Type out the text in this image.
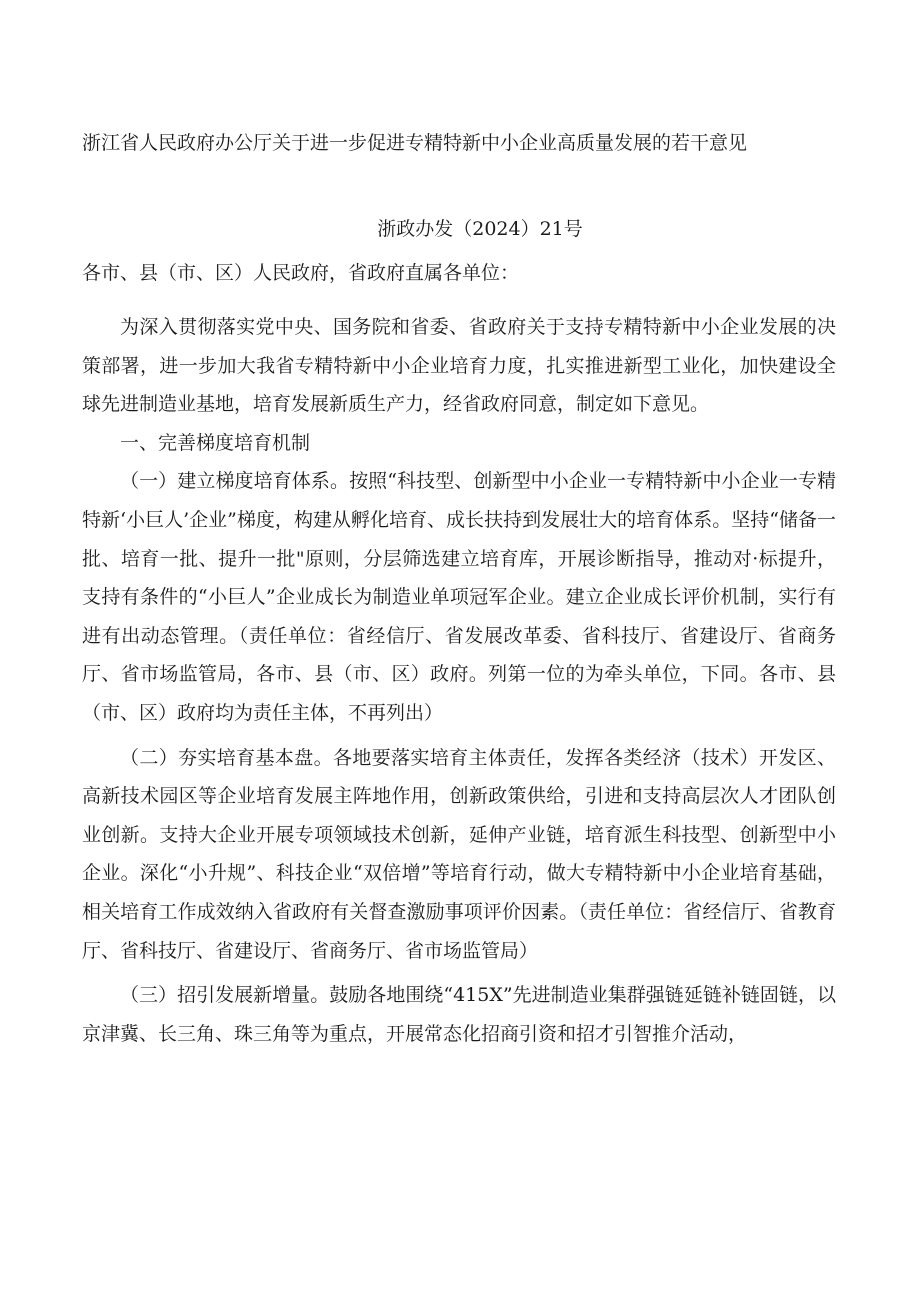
浙江省人民政府办公厅关于进一步促进专精特新中小企业高质量发展的若干意见

浙政办发（2024）21号

各市、县（市、区）人民政府，省政府直属各单位：

为深入贯彻落实党中央、国务院和省委、省政府关于支持专精特新中小企业发展的决策部署，进一步加大我省专精特新中小企业培育力度，扎实推进新型工业化，加快建设全球先进制造业基地，培育发展新质生产力，经省政府同意，制定如下意见。

一、完善梯度培育机制

（一）建立梯度培育体系。按照“科技型、创新型中小企业一专精特新中小企业一专精特新‘小巨人’企业”梯度，构建从孵化培育、成长扶持到发展壮大的培育体系。坚持“储备一批、培育一批、提升一批"原则，分层筛选建立培育库，开展诊断指导，推动对·标提升，支持有条件的“小巨人”企业成长为制造业单项冠军企业。建立企业成长评价机制，实行有进有出动态管理。（责任单位：省经信厅、省发展改革委、省科技厅、省建设厅、省商务厅、省市场监管局，各市、县（市、区）政府。列第一位的为牵头单位，下同。各市、县（市、区）政府均为责任主体，不再列出）

（二）夯实培育基本盘。各地要落实培育主体责任，发挥各类经济（技术）开发区、高新技术园区等企业培育发展主阵地作用，创新政策供给，引进和支持高层次人才团队创业创新。支持大企业开展专项领域技术创新，延伸产业链，培育派生科技型、创新型中小企业。深化“小升规”、科技企业“双倍增”等培育行动，做大专精特新中小企业培育基础，相关培育工作成效纳入省政府有关督查激励事项评价因素。（责任单位：省经信厅、省教育厅、省科技厅、省建设厅、省商务厅、省市场监管局）

（三）招引发展新增量。鼓励各地围绕“415X”先进制造业集群强链延链补链固链，以京津冀、长三角、珠三角等为重点，开展常态化招商引资和招才引智推介活动，
